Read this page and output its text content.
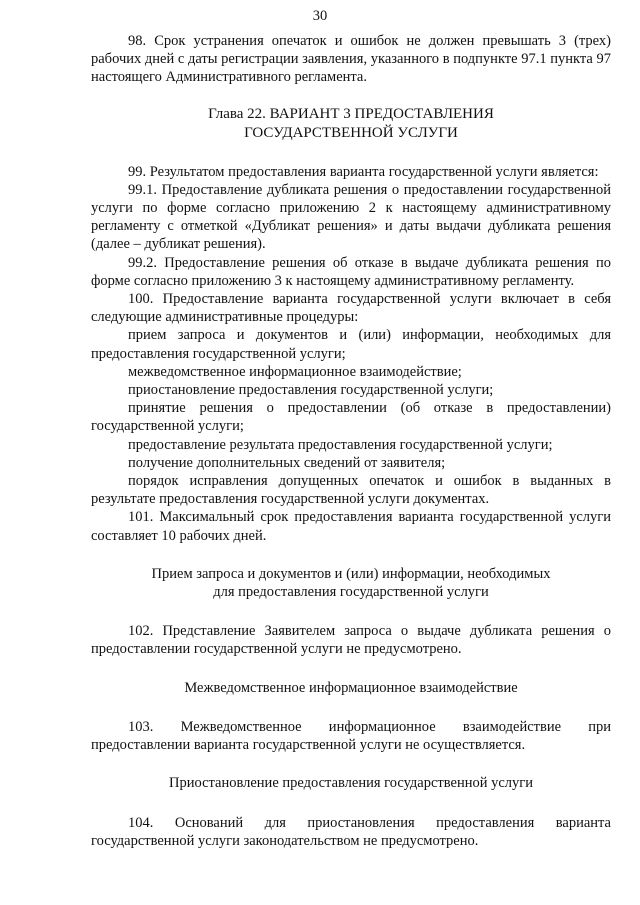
30

98. Срок устранения опечаток и ошибок не должен превышать 3 (трех) рабочих дней с даты регистрации заявления, указанного в подпункте 97.1 пункта 97 настоящего Административного регламента.

Глава 22. ВАРИАНТ 3 ПРЕДОСТАВЛЕНИЯ
ГОСУДАРСТВЕННОЙ УСЛУГИ

99. Результатом предоставления варианта государственной услуги является:

99.1. Предоставление дубликата решения о предоставлении государственной услуги по форме согласно приложению 2 к настоящему административному регламенту с отметкой «Дубликат решения» и даты выдачи дубликата решения (далее – дубликат решения).

99.2. Предоставление решения об отказе в выдаче дубликата решения по форме согласно приложению 3 к настоящему административному регламенту.

100. Предоставление варианта государственной услуги включает в себя следующие административные процедуры:

прием запроса и документов и (или) информации, необходимых для предоставления государственной услуги;

межведомственное информационное взаимодействие;

приостановление предоставления государственной услуги;

принятие решения о предоставлении (об отказе в предоставлении) государственной услуги;

предоставление результата предоставления государственной услуги;

получение дополнительных сведений от заявителя;

порядок исправления допущенных опечаток и ошибок в выданных в результате предоставления государственной услуги документах.

101. Максимальный срок предоставления варианта государственной услуги составляет 10 рабочих дней.

Прием запроса и документов и (или) информации, необходимых
для предоставления государственной услуги

102. Представление Заявителем запроса о выдаче дубликата решения о предоставлении государственной услуги не предусмотрено.

Межведомственное информационное взаимодействие

103. Межведомственное информационное взаимодействие при предоставлении варианта государственной услуги не осуществляется.

Приостановление предоставления государственной услуги

104. Оснований для приостановления предоставления варианта государственной услуги законодательством не предусмотрено.
